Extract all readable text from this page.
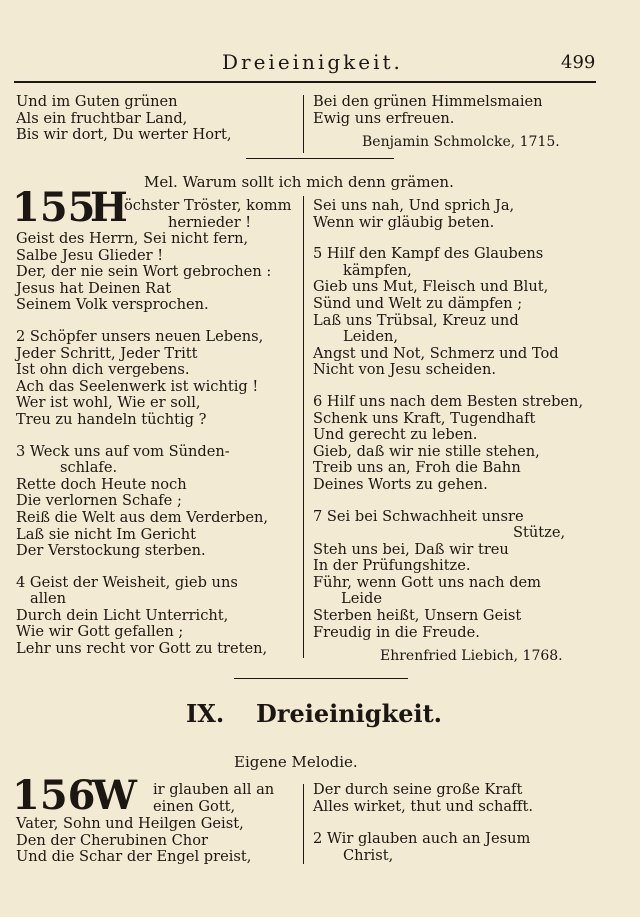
Dreieinigkeit.	499
Und im Guten grünen
Als ein fruchtbar Land,
Bis wir dort, Du werter Hort,
Bei den grünen Himmelsmaien
Ewig uns erfreuen.
Benjamin Schmolcke, 1715.
Mel. Warum sollt ich mich denn grämen.
155
H
öchster Tröster, komm
hernieder !
Geist des Herrn, Sei nicht fern,
Salbe Jesu Glieder !
Der, der nie sein Wort gebrochen :
Jesus hat Deinen Rat
Seinem Volk versprochen.
2 Schöpfer unsers neuen Lebens,
Jeder Schritt, Jeder Tritt
Ist ohn dich vergebens.
Ach das Seelenwerk ist wichtig !
Wer ist wohl, Wie er soll,
Treu zu handeln tüchtig ?
3 Weck uns auf vom Sünden-
schlafe.
Rette doch Heute noch
Die verlornen Schafe ;
Reiß die Welt aus dem Verderben,
Laß sie nicht Im Gericht
Der Verstockung sterben.
4 Geist der Weisheit, gieb uns
allen
Durch dein Licht Unterricht,
Wie wir Gott gefallen ;
Lehr uns recht vor Gott zu treten,
Sei uns nah, Und sprich Ja,
Wenn wir gläubig beten.
5 Hilf den Kampf des Glaubens
kämpfen,
Gieb uns Mut, Fleisch und Blut,
Sünd und Welt zu dämpfen ;
Laß uns Trübsal, Kreuz und
Leiden,
Angst und Not, Schmerz und Tod
Nicht von Jesu scheiden.
6 Hilf uns nach dem Besten streben,
Schenk uns Kraft, Tugendhaft
Und gerecht zu leben.
Gieb, daß wir nie stille stehen,
Treib uns an, Froh die Bahn
Deines Worts zu gehen.
7 Sei bei Schwachheit unsre
Stütze,
Steh uns bei, Daß wir treu
In der Prüfungshitze.
Führ, wenn Gott uns nach dem
Leide
Sterben heißt, Unsern Geist
Freudig in die Freude.
Ehrenfried Liebich, 1768.
IX. Dreieinigkeit.
Eigene Melodie.
156
W ir glauben all an
einen Gott,
Vater, Sohn und Heilgen Geist,
Den der Cherubinen Chor
Und die Schar der Engel preist,
Der durch seine große Kraft
Alles wirket, thut und schafft.
2 Wir glauben auch an Jesum
Christ,
